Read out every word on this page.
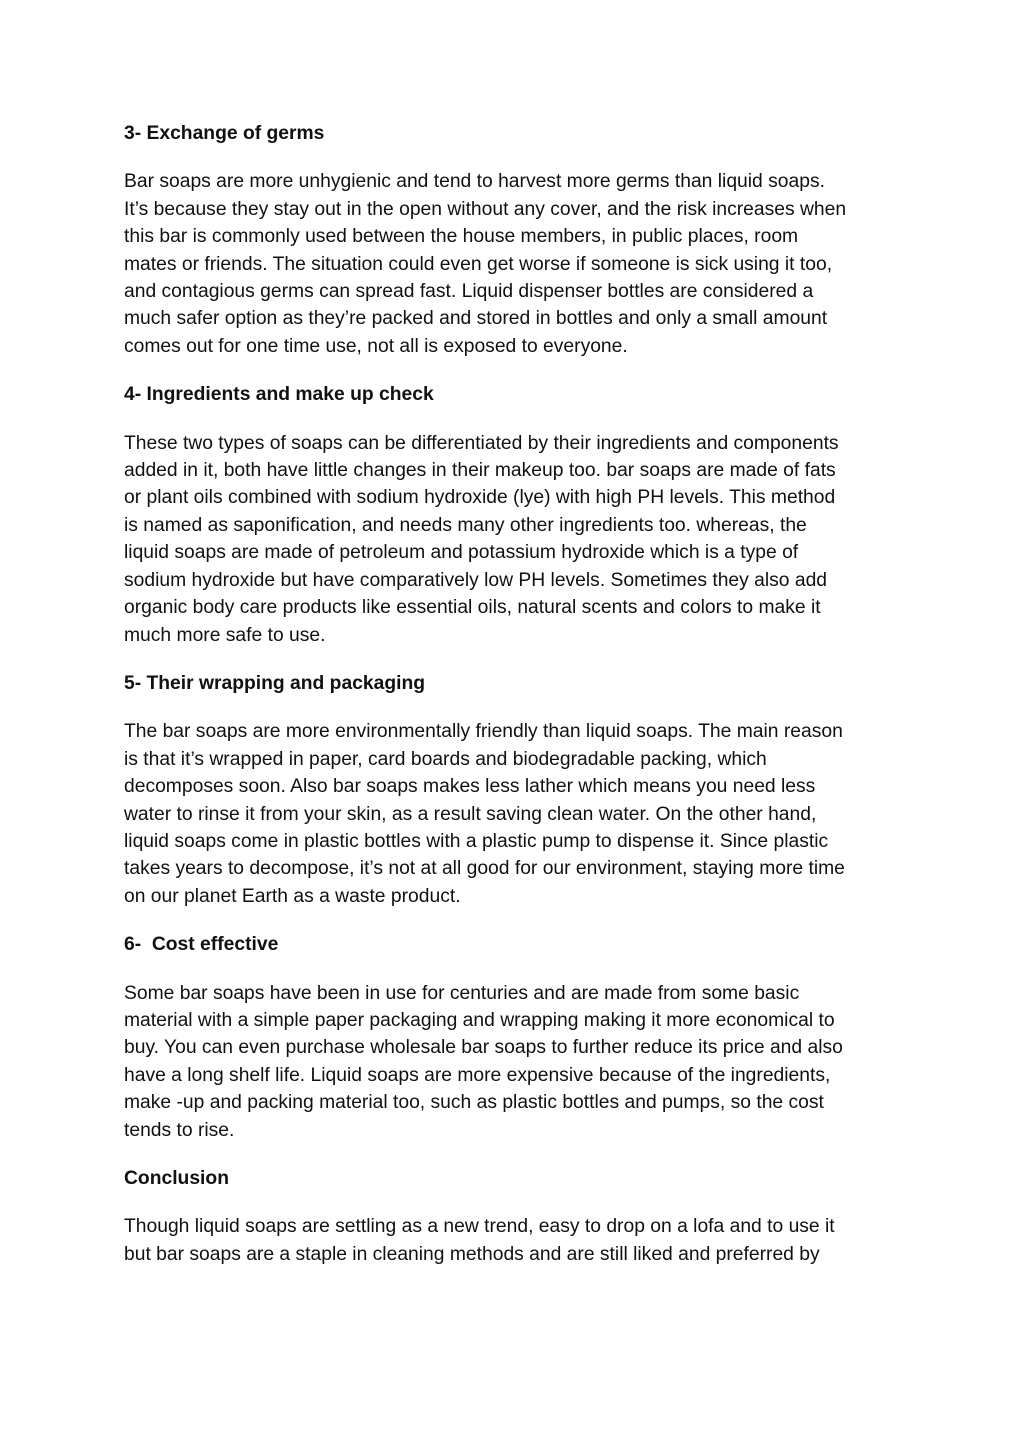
3- Exchange of germs
Bar soaps are more unhygienic and tend to harvest more germs than liquid soaps.
It’s because they stay out in the open without any cover, and the risk increases when
this bar is commonly used between the house members, in public places, room
mates or friends. The situation could even get worse if someone is sick using it too,
and contagious germs can spread fast. Liquid dispenser bottles are considered a
much safer option as they’re packed and stored in bottles and only a small amount
comes out for one time use, not all is exposed to everyone.
4- Ingredients and make up check
These two types of soaps can be differentiated by their ingredients and components
added in it, both have little changes in their makeup too. bar soaps are made of fats
or plant oils combined with sodium hydroxide (lye) with high PH levels. This method
is named as saponification, and needs many other ingredients too. whereas, the
liquid soaps are made of petroleum and potassium hydroxide which is a type of
sodium hydroxide but have comparatively low PH levels. Sometimes they also add
organic body care products like essential oils, natural scents and colors to make it
much more safe to use.
5- Their wrapping and packaging
The bar soaps are more environmentally friendly than liquid soaps. The main reason
is that it’s wrapped in paper, card boards and biodegradable packing, which
decomposes soon. Also bar soaps makes less lather which means you need less
water to rinse it from your skin, as a result saving clean water. On the other hand,
liquid soaps come in plastic bottles with a plastic pump to dispense it. Since plastic
takes years to decompose, it’s not at all good for our environment, staying more time
on our planet Earth as a waste product.
6-  Cost effective
Some bar soaps have been in use for centuries and are made from some basic
material with a simple paper packaging and wrapping making it more economical to
buy. You can even purchase wholesale bar soaps to further reduce its price and also
have a long shelf life. Liquid soaps are more expensive because of the ingredients,
make -up and packing material too, such as plastic bottles and pumps, so the cost
tends to rise.
Conclusion
Though liquid soaps are settling as a new trend, easy to drop on a lofa and to use it
but bar soaps are a staple in cleaning methods and are still liked and preferred by
